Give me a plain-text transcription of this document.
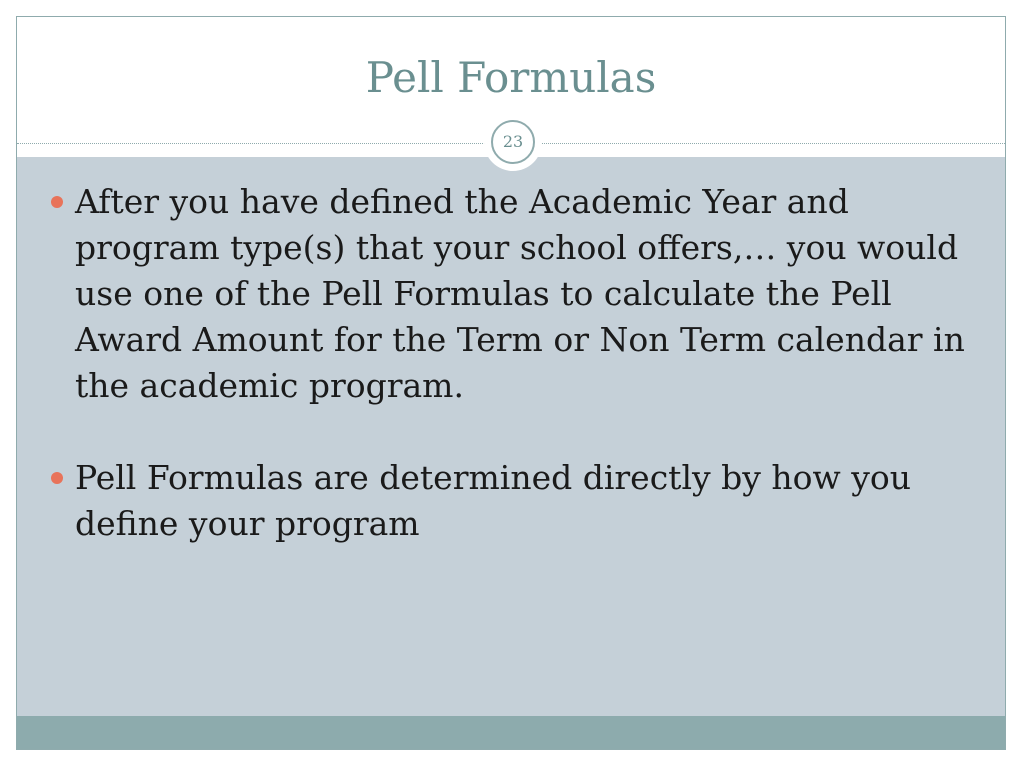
Pell Formulas
23
After you have defined the Academic Year and program type(s) that your school offers,… you would use one of the Pell Formulas to calculate the Pell Award Amount for the Term or Non Term calendar in the academic program.
Pell Formulas are determined directly by how you define your program
